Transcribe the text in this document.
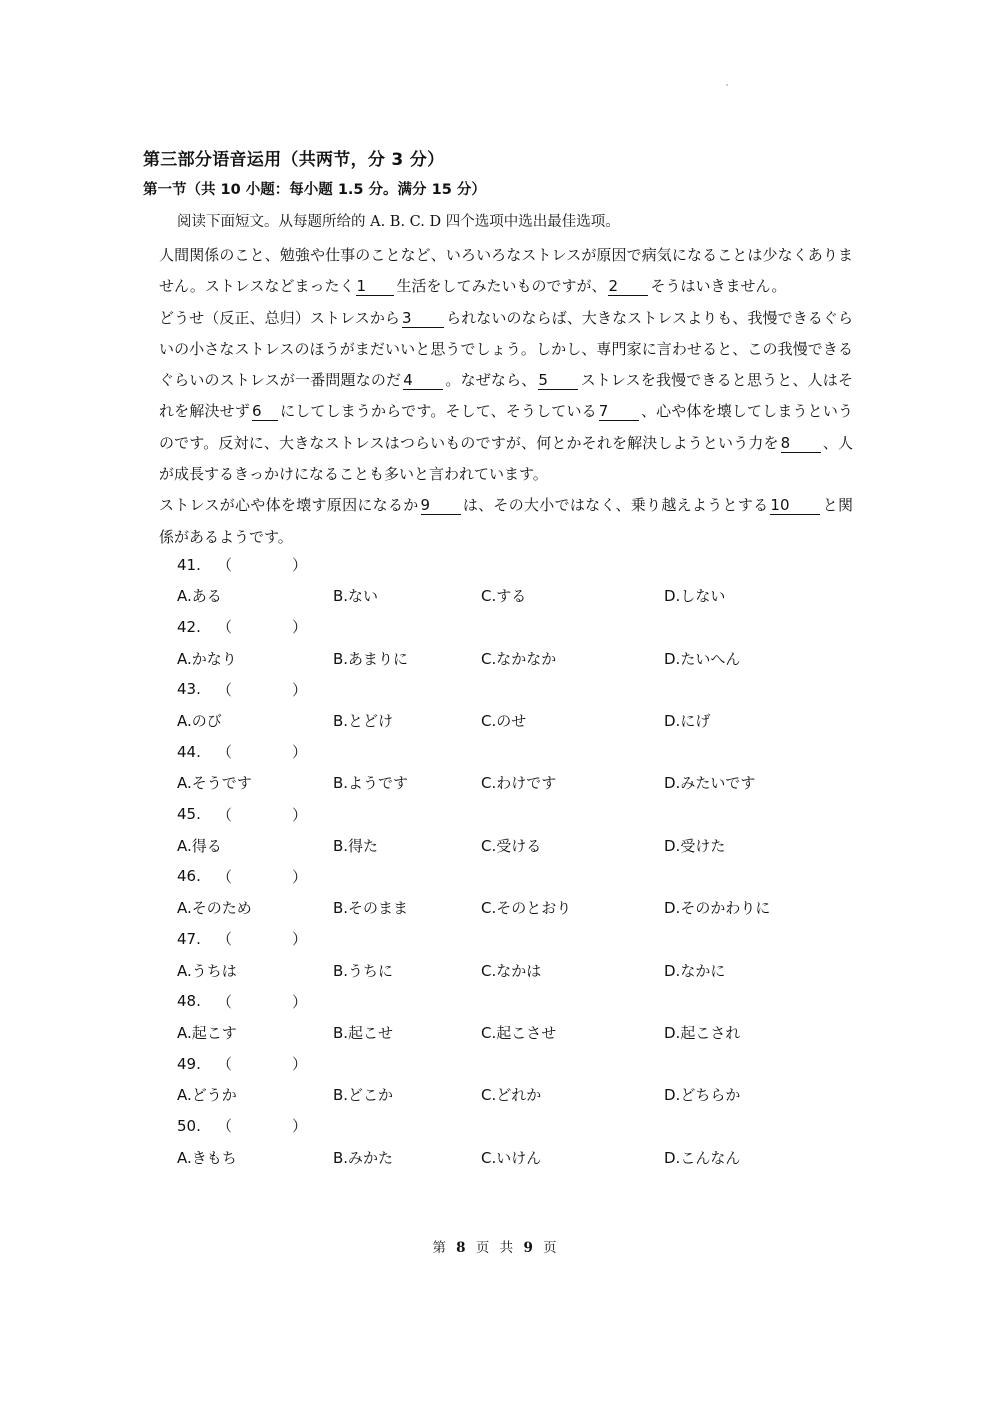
第三部分语音运用（共两节，分 3 分）
第一节（共 10 小题：每小题 1.5 分。满分 15 分）
阅读下面短文。从每题所给的 A. B. C. D 四个选项中选出最佳选项。

人間関係のこと、勉強や仕事のことなど、いろいろなストレスが原因で病気になることは少なくありません。ストレスなどまったく 1 生活をしてみたいものですが、 2 そうはいきません。

どうせ（反正、总归）ストレスから 3 られないのならば、大きなストレスよりも、我慢できるぐらいの小さなストレスのほうがまだいいと思うでしょう。しかし、専門家に言わせると、この我慢できるぐらいのストレスが一番問題なのだ 4 。なぜなら、 5 ストレスを我慢できると思うと、人はそれを解決せず 6 にしてしまうからです。そして、そうしている 7 、心や体を壊してしまうというのです。反対に、大きなストレスはつらいものですが、何とかそれを解決しようという力を 8 、人が成長するきっかけになることも多いと言われています。

ストレスが心や体を壊す原因になるか 9 は、その大小ではなく、乗り越えようとする 10 と関係があるようです。

41.	（	）
A.ある	B.ない	C.する	D.しない
42.	（	）
A.かなり	B.あまりに	C.なかなか	D.たいへん
43.	（	）
A.のび	B.とどけ	C.のせ	D.にげ
44.	（	）
A.そうです	B.ようです	C.わけです	D.みたいです
45.	（	）
A.得る	B.得た	C.受ける	D.受けた
46.	（	）
A.そのため	B.そのまま	C.そのとおり	D.そのかわりに
47.	（	）
A.うちは	B.うちに	C.なかは	D.なかに
48.	（	）
A.起こす	B.起こせ	C.起こさせ	D.起こされ
49.	（	）
A.どうか	B.どこか	C.どれか	D.どちらか
50.	（	）
A.きもち	B.みかた	C.いけん	D.こんなん
第 8 页 共 9 页
